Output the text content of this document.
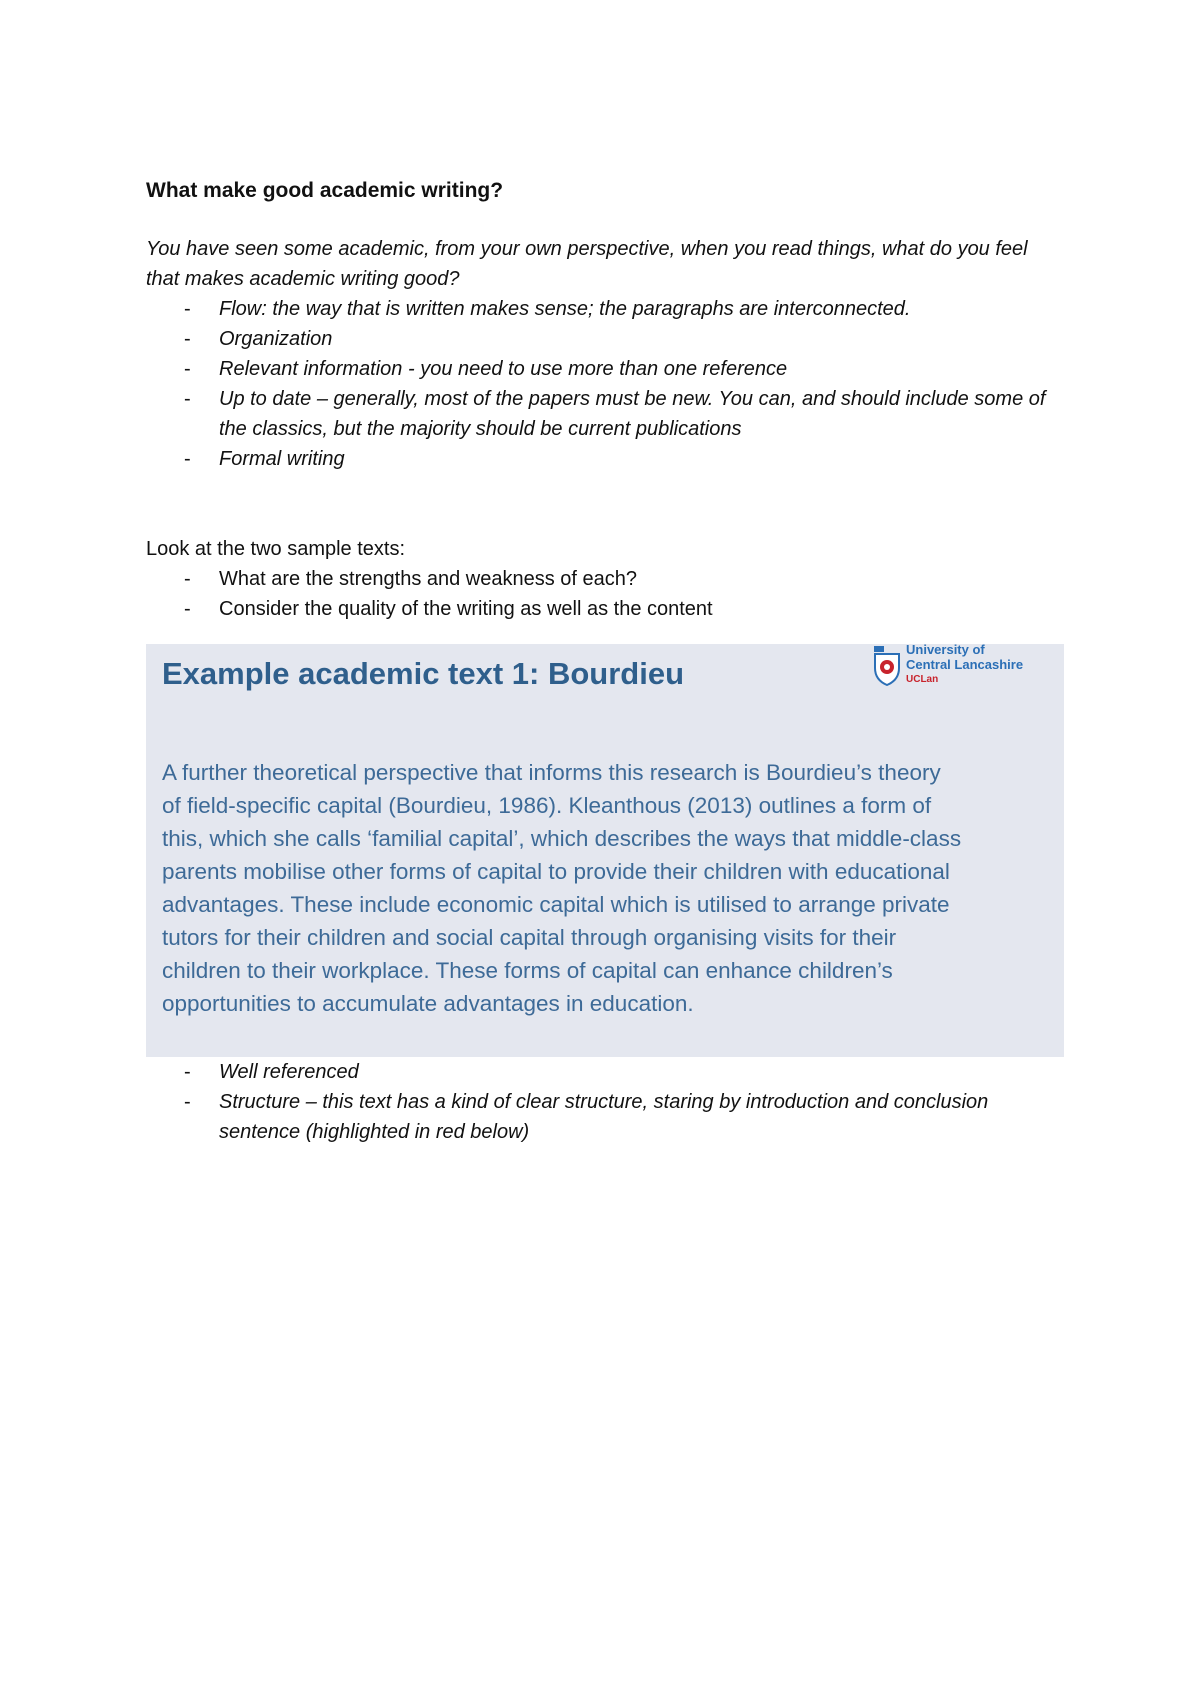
What make good academic writing?

You have seen some academic, from your own perspective, when you read things, what do you feel that makes academic writing good?

- Flow: the way that is written makes sense; the paragraphs are interconnected.
- Organization
- Relevant information - you need to use more than one reference
- Up to date – generally, most of the papers must be new. You can, and should include some of the classics, but the majority should be current publications
- Formal writing

Look at the two sample texts:

- What are the strengths and weakness of each?
- Consider the quality of the writing as well as the content
Example academic text 1: Bourdieu
University of
Central Lancashire
UCLan
A further theoretical perspective that informs this research is Bourdieu’s theory of field-specific capital (Bourdieu, 1986). Kleanthous (2013) outlines a form of this, which she calls ‘familial capital’, which describes the ways that middle-class parents mobilise other forms of capital to provide their children with educational advantages. These include economic capital which is utilised to arrange private tutors for their children and social capital through organising visits for their children to their workplace. These forms of capital can enhance children’s opportunities to accumulate advantages in education.
- Well referenced
- Structure – this text has a kind of clear structure, staring by introduction and conclusion sentence (highlighted in red below)
